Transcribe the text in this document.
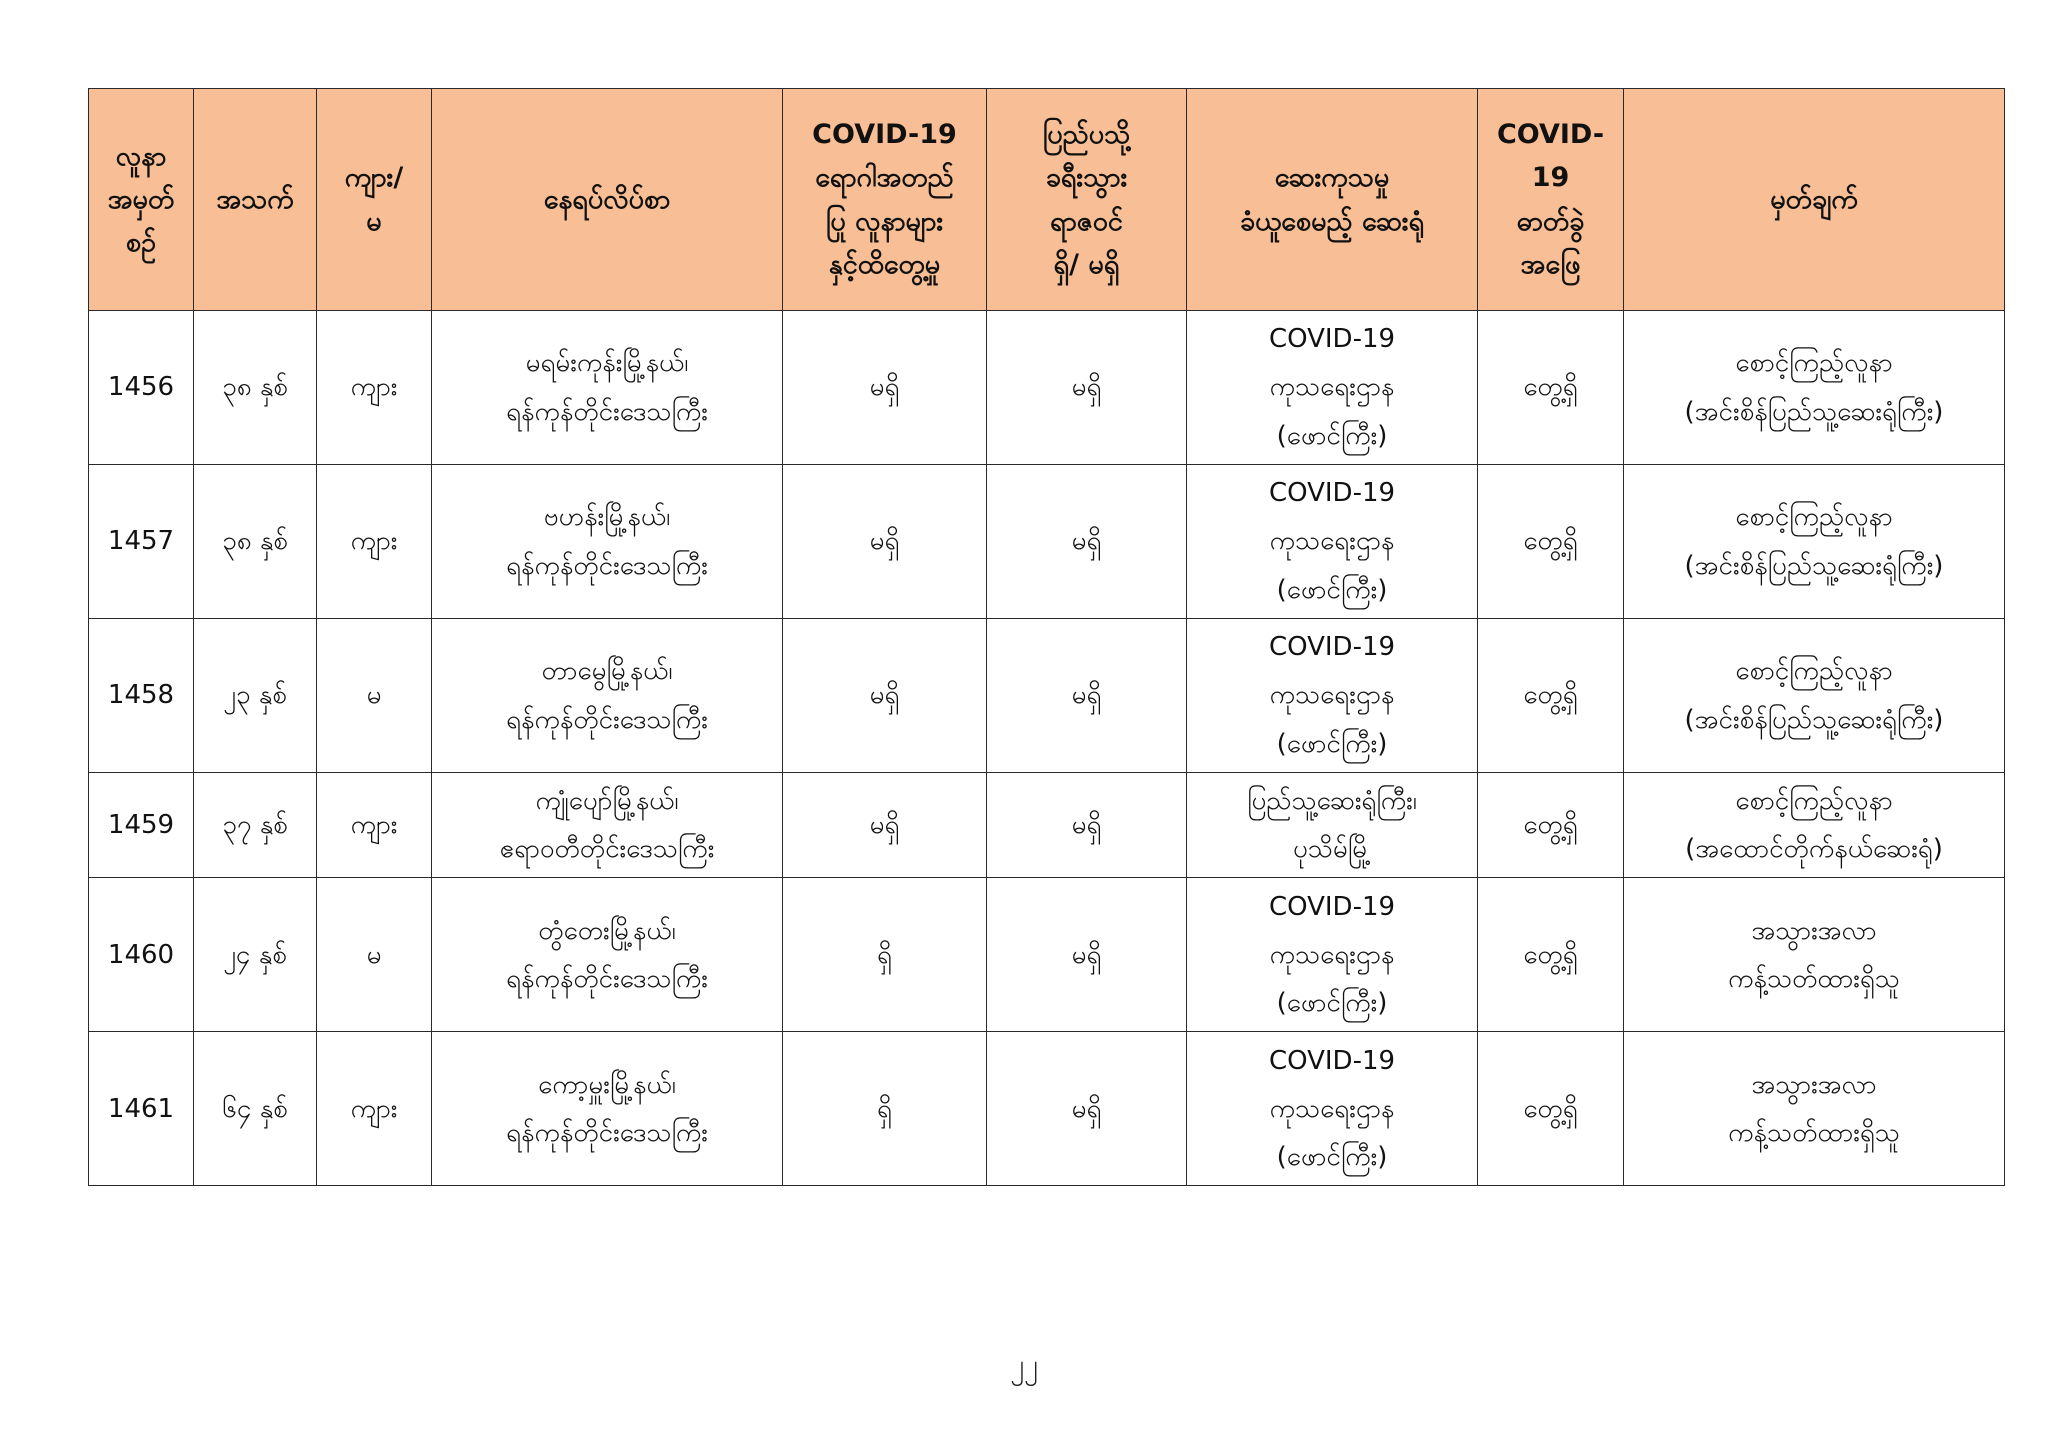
လူနာ
အမှတ်
စဉ်	အသက်	ကျား/
မ	နေရပ်လိပ်စာ	COVID-19
ရောဂါအတည်
ပြု လူနာများ
နှင့်ထိတွေ့မှု	ပြည်ပသို့
ခရီးသွား
ရာဇဝင်
ရှိ/ မရှိ	ဆေးကုသမှု
ခံယူစေမည့် ဆေးရုံ	COVID-
19
ဓာတ်ခွဲ
အဖြေ	မှတ်ချက်
1456	၃၈ နှစ်	ကျား	မရမ်းကုန်းမြို့နယ်၊
ရန်ကုန်တိုင်းဒေသကြီး	မရှိ	မရှိ	COVID-19
ကုသရေးဌာန
(ဖောင်ကြီး)	တွေ့ရှိ	စောင့်ကြည့်လူနာ
(အင်းစိန်ပြည်သူ့ဆေးရုံကြီး)
1457	၃၈ နှစ်	ကျား	ဗဟန်းမြို့နယ်၊
ရန်ကုန်တိုင်းဒေသကြီး	မရှိ	မရှိ	COVID-19
ကုသရေးဌာန
(ဖောင်ကြီး)	တွေ့ရှိ	စောင့်ကြည့်လူနာ
(အင်းစိန်ပြည်သူ့ဆေးရုံကြီး)
1458	၂၃ နှစ်	မ	တာမွေမြို့နယ်၊
ရန်ကုန်တိုင်းဒေသကြီး	မရှိ	မရှိ	COVID-19
ကုသရေးဌာန
(ဖောင်ကြီး)	တွေ့ရှိ	စောင့်ကြည့်လူနာ
(အင်းစိန်ပြည်သူ့ဆေးရုံကြီး)
1459	၃၇ နှစ်	ကျား	ကျုံပျော်မြို့နယ်၊
ဧရာဝတီတိုင်းဒေသကြီး	မရှိ	မရှိ	ပြည်သူ့ဆေးရုံကြီး၊
ပုသိမ်မြို့	တွေ့ရှိ	စောင့်ကြည့်လူနာ
(အထောင်တိုက်နယ်ဆေးရုံ)
1460	၂၄ နှစ်	မ	တွံတေးမြို့နယ်၊
ရန်ကုန်တိုင်းဒေသကြီး	ရှိ	မရှိ	COVID-19
ကုသရေးဌာန
(ဖောင်ကြီး)	တွေ့ရှိ	အသွားအလာ
ကန့်သတ်ထားရှိသူ
1461	၆၄ နှစ်	ကျား	ကော့မှူးမြို့နယ်၊
ရန်ကုန်တိုင်းဒေသကြီး	ရှိ	မရှိ	COVID-19
ကုသရေးဌာန
(ဖောင်ကြီး)	တွေ့ရှိ	အသွားအလာ
ကန့်သတ်ထားရှိသူ
၂၂
